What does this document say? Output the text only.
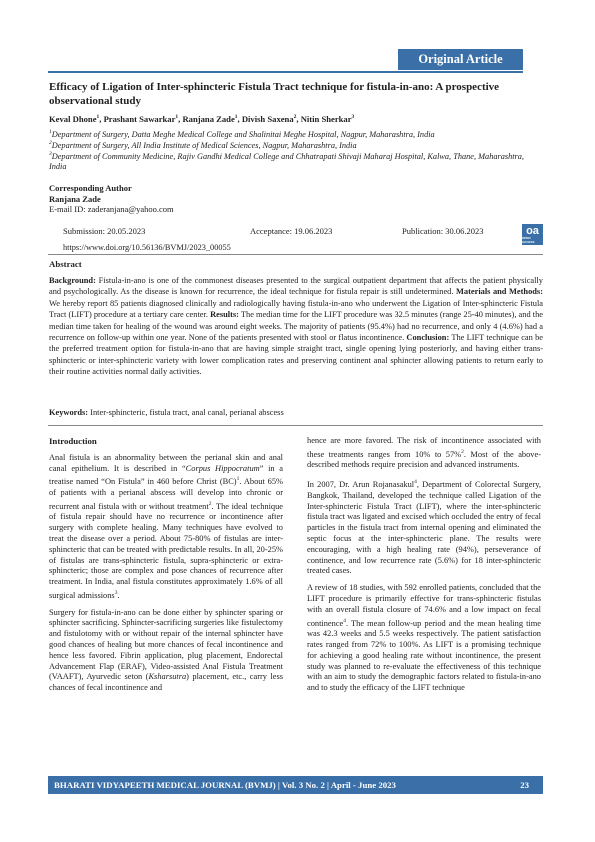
Original Article
Efficacy of Ligation of Inter-sphincteric Fistula Tract technique for fistula-in-ano: A prospective observational study
Keval Dhone$^1$, Prashant Sawarkar$^1$, Ranjana Zade$^1$, Divish Saxena$^2$, Nitin Sherkar$^3$
$^1$Department of Surgery, Datta Meghe Medical College and Shalinitai Meghe Hospital, Nagpur, Maharashtra, India
$^2$Department of Surgery, All India Institute of Medical Sciences, Nagpur, Maharashtra, India
$^3$Department of Community Medicine, Rajiv Gandhi Medical College and Chhatrapati Shivaji Maharaj Hospital, Kalwa, Thane, Maharashtra, India
Corresponding Author
Ranjana Zade
E-mail ID: zaderanjana@yahoo.com
Submission: 20.05.2023	Acceptance: 19.06.2023	Publication: 30.06.2023	oa
OPEN ACCESS
https://www.doi.org/10.56136/BVMJ/2023_00055
Abstract
Background: Fistula-in-ano is one of the commonest diseases presented to the surgical outpatient department that affects the patient physically and psychologically. As the disease is known for recurrence, the ideal technique for fistula repair is still undetermined. Materials and Methods: We hereby report 85 patients diagnosed clinically and radiologically having fistula-in-ano who underwent the Ligation of Inter-sphincteric Fistula Tract (LIFT) procedure at a tertiary care center. Results: The median time for the LIFT procedure was 32.5 minutes (range 25-40 minutes), and the median time taken for healing of the wound was around eight weeks. The majority of patients (95.4%) had no recurrence, and only 4 (4.6%) had a recurrence on follow-up within one year. None of the patients presented with stool or flatus incontinence. Conclusion: The LIFT technique can be the preferred treatment option for fistula-in-ano that are having simple straight tract, single opening lying posteriorly, and having either trans-sphincteric or inter-sphincteric variety with lower complication rates and preserving continent anal sphincter allowing patients to return early to their routine activities normal daily activities.
Keywords: Inter-sphincteric, fistula tract, anal canal, perianal abscess
Introduction

Anal fistula is an abnormality between the perianal skin and anal canal epithelium. It is described in “Corpus Hippocratum” in a treatise named “On Fistula” in 460 before Christ (BC)$^1$. About 65% of patients with a perianal abscess will develop into chronic or recurrent anal fistula with or without treatment$^2$. The ideal technique of fistula repair should have no recurrence or incontinence after surgery with complete healing. Many techniques have evolved to treat the disease over a period. About 75-80% of fistulas are inter-sphincteric that can be treated with predictable results. In all, 20-25% of fistulas are trans-sphincteric fistula, supra-sphincteric or extra-sphincteric; those are complex and pose chances of recurrence after treatment. In India, anal fistula constitutes approximately 1.6% of all surgical admissions$^3$.

Surgery for fistula-in-ano can be done either by sphincter sparing or sphincter sacrificing. Sphincter-sacrificing surgeries like fistulectomy and fistulotomy with or without repair of the internal sphincter have good chances of healing but more chances of fecal incontinence and hence less favored. Fibrin application, plug placement, Endorectal Advancement Flap (ERAF), Video-assisted Anal Fistula Treatment (VAAFT), Ayurvedic seton (Ksharsutra) placement, etc., carry less chances of fecal incontinence and

hence are more favored. The risk of incontinence associated with these treatments ranges from 10% to 57%$^2$. Most of the above-described methods require precision and advanced instruments.

In 2007, Dr. Arun Rojanasakul$^4$, Department of Colorectal Surgery, Bangkok, Thailand, developed the technique called Ligation of the Inter-sphincteric Fistula Tract (LIFT), where the inter-sphincteric fistula tract was ligated and excised which occluded the entry of fecal particles in the fistula tract from internal opening and eliminated the septic focus at the inter-sphincteric plane. The results were encouraging, with a high healing rate (94%), perseverance of continence, and low recurrence rate (5.6%) for 18 inter-sphincteric treated cases.

A review of 18 studies, with 592 enrolled patients, concluded that the LIFT procedure is primarily effective for trans-sphincteric fistulas with an overall fistula closure of 74.6% and a low impact on fecal continence$^4$. The mean follow-up period and the mean healing time was 42.3 weeks and 5.5 weeks respectively. The patient satisfaction rates ranged from 72% to 100%. As LIFT is a promising technique for achieving a good healing rate without incontinence, the present study was planned to re-evaluate the effectiveness of this technique with an aim to study the demographic factors related to fistula-in-ano and to study the efficacy of the LIFT technique

BHARATI VIDYAPEETH MEDICAL JOURNAL (BVMJ) | Vol. 3 No. 2 | April - June 2023	23
